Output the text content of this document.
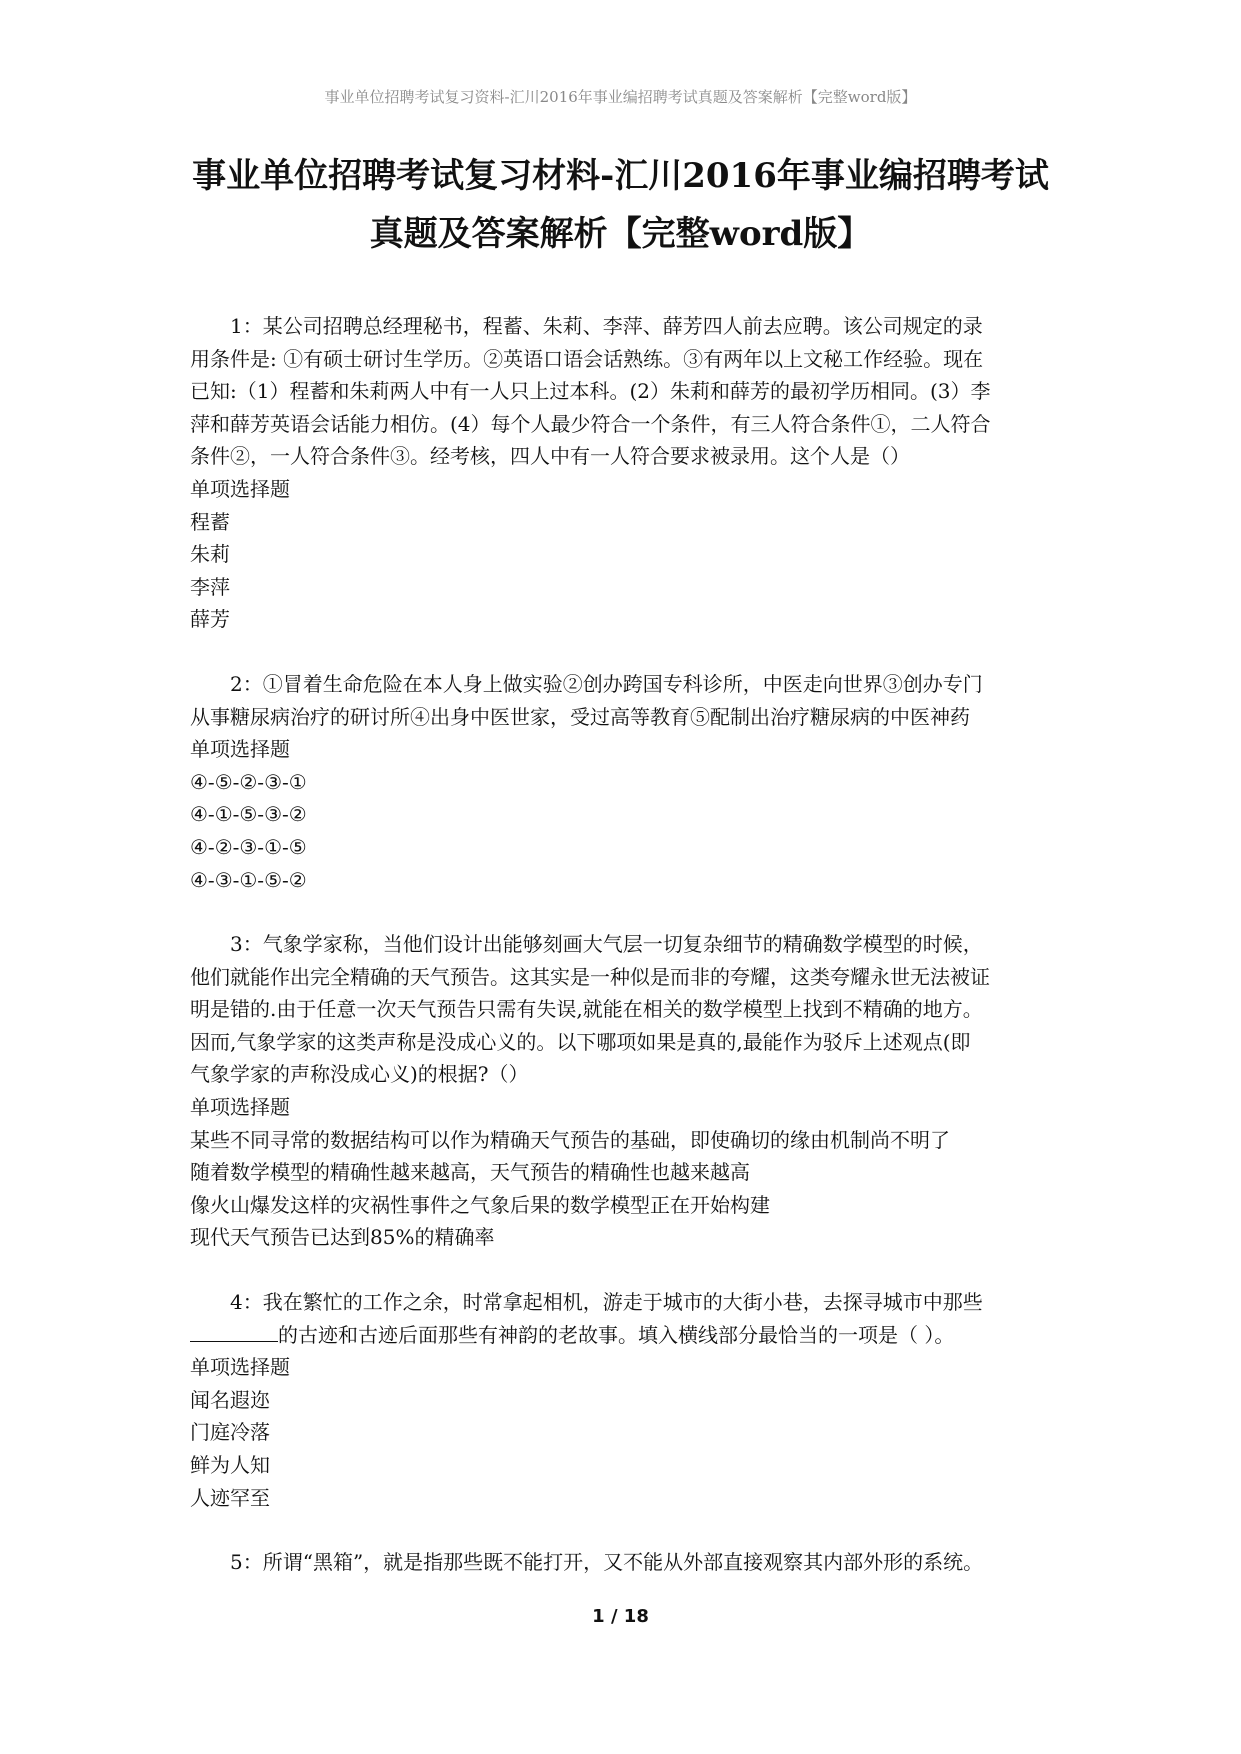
事业单位招聘考试复习资料-汇川2016年事业编招聘考试真题及答案解析【完整word版】
事业单位招聘考试复习材料-汇川2016年事业编招聘考试
真题及答案解析【完整word版】
1：某公司招聘总经理秘书，程蓄、朱莉、李萍、薛芳四人前去应聘。该公司规定的录
用条件是: ①有硕士研讨生学历。②英语口语会话熟练。③有两年以上文秘工作经验。现在
已知:（1）程蓄和朱莉两人中有一人只上过本科。(2）朱莉和薛芳的最初学历相同。(3）李
萍和薛芳英语会话能力相仿。(4）每个人最少符合一个条件，有三人符合条件①，二人符合
条件②，一人符合条件③。经考核，四人中有一人符合要求被录用。这个人是（）
单项选择题
程蓄
朱莉
李萍
薛芳
2：①冒着生命危险在本人身上做实验②创办跨国专科诊所，中医走向世界③创办专门
从事糖尿病治疗的研讨所④出身中医世家，受过高等教育⑤配制出治疗糖尿病的中医神药
单项选择题
④-⑤-②-③-①
④-①-⑤-③-②
④-②-③-①-⑤
④-③-①-⑤-②
3：气象学家称，当他们设计出能够刻画大气层一切复杂细节的精确数学模型的时候，
他们就能作出完全精确的天气预告。这其实是一种似是而非的夸耀，这类夸耀永世无法被证
明是错的.由于任意一次天气预告只需有失误,就能在相关的数学模型上找到不精确的地方。
因而,气象学家的这类声称是没成心义的。以下哪项如果是真的,最能作为驳斥上述观点(即
气象学家的声称没成心义)的根据?（）
单项选择题
某些不同寻常的数据结构可以作为精确天气预告的基础，即使确切的缘由机制尚不明了
随着数学模型的精确性越来越高，天气预告的精确性也越来越高
像火山爆发这样的灾祸性事件之气象后果的数学模型正在开始构建
现代天气预告已达到85%的精确率
4：我在繁忙的工作之余，时常拿起相机，游走于城市的大街小巷，去探寻城市中那些
的古迹和古迹后面那些有神韵的老故事。填入横线部分最恰当的一项是（ ）。
单项选择题
闻名遐迩
门庭冷落
鲜为人知
人迹罕至
5：所谓“黑箱”，就是指那些既不能打开，又不能从外部直接观察其内部外形的系统。
1 / 18
